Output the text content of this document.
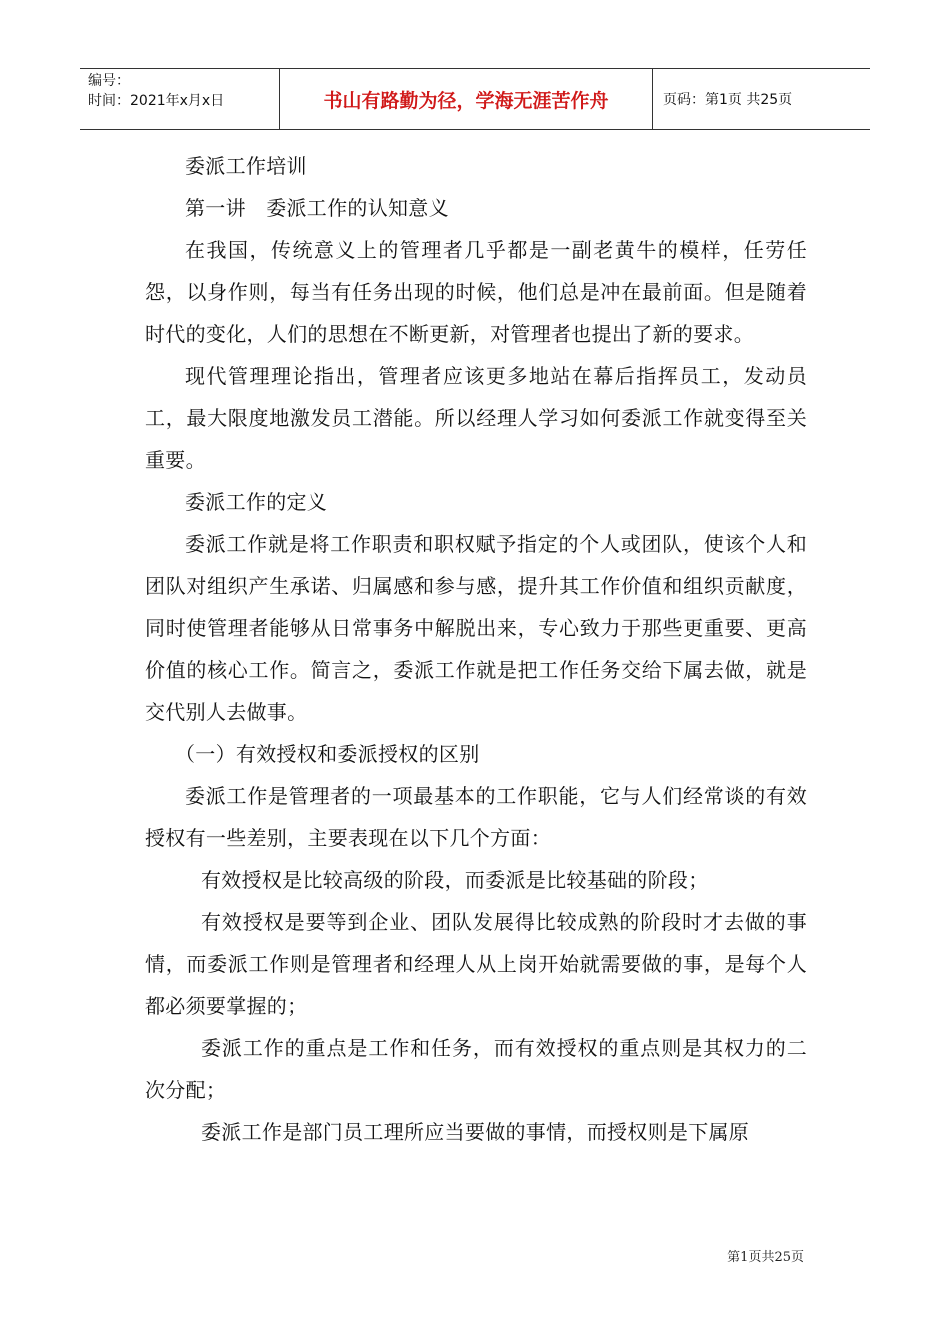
编号：
时间：2021年x月x日	书山有路勤为径，学海无涯苦作舟	页码：第1页 共25页

委派工作培训

第一讲　委派工作的认知意义

在我国，传统意义上的管理者几乎都是一副老黄牛的模样，任劳任怨，以身作则，每当有任务出现的时候，他们总是冲在最前面。但是随着时代的变化，人们的思想在不断更新，对管理者也提出了新的要求。

现代管理理论指出，管理者应该更多地站在幕后指挥员工，发动员工，最大限度地激发员工潜能。所以经理人学习如何委派工作就变得至关重要。

委派工作的定义

委派工作就是将工作职责和职权赋予指定的个人或团队，使该个人和团队对组织产生承诺、归属感和参与感，提升其工作价值和组织贡献度，同时使管理者能够从日常事务中解脱出来，专心致力于那些更重要、更高价值的核心工作。简言之，委派工作就是把工作任务交给下属去做，就是交代别人去做事。

（一）有效授权和委派授权的区别

委派工作是管理者的一项最基本的工作职能，它与人们经常谈的有效授权有一些差别，主要表现在以下几个方面：

有效授权是比较高级的阶段，而委派是比较基础的阶段；

有效授权是要等到企业、团队发展得比较成熟的阶段时才去做的事情，而委派工作则是管理者和经理人从上岗开始就需要做的事，是每个人都必须要掌握的；

委派工作的重点是工作和任务，而有效授权的重点则是其权力的二次分配；

委派工作是部门员工理所应当要做的事情，而授权则是下属原

第1页共25页
